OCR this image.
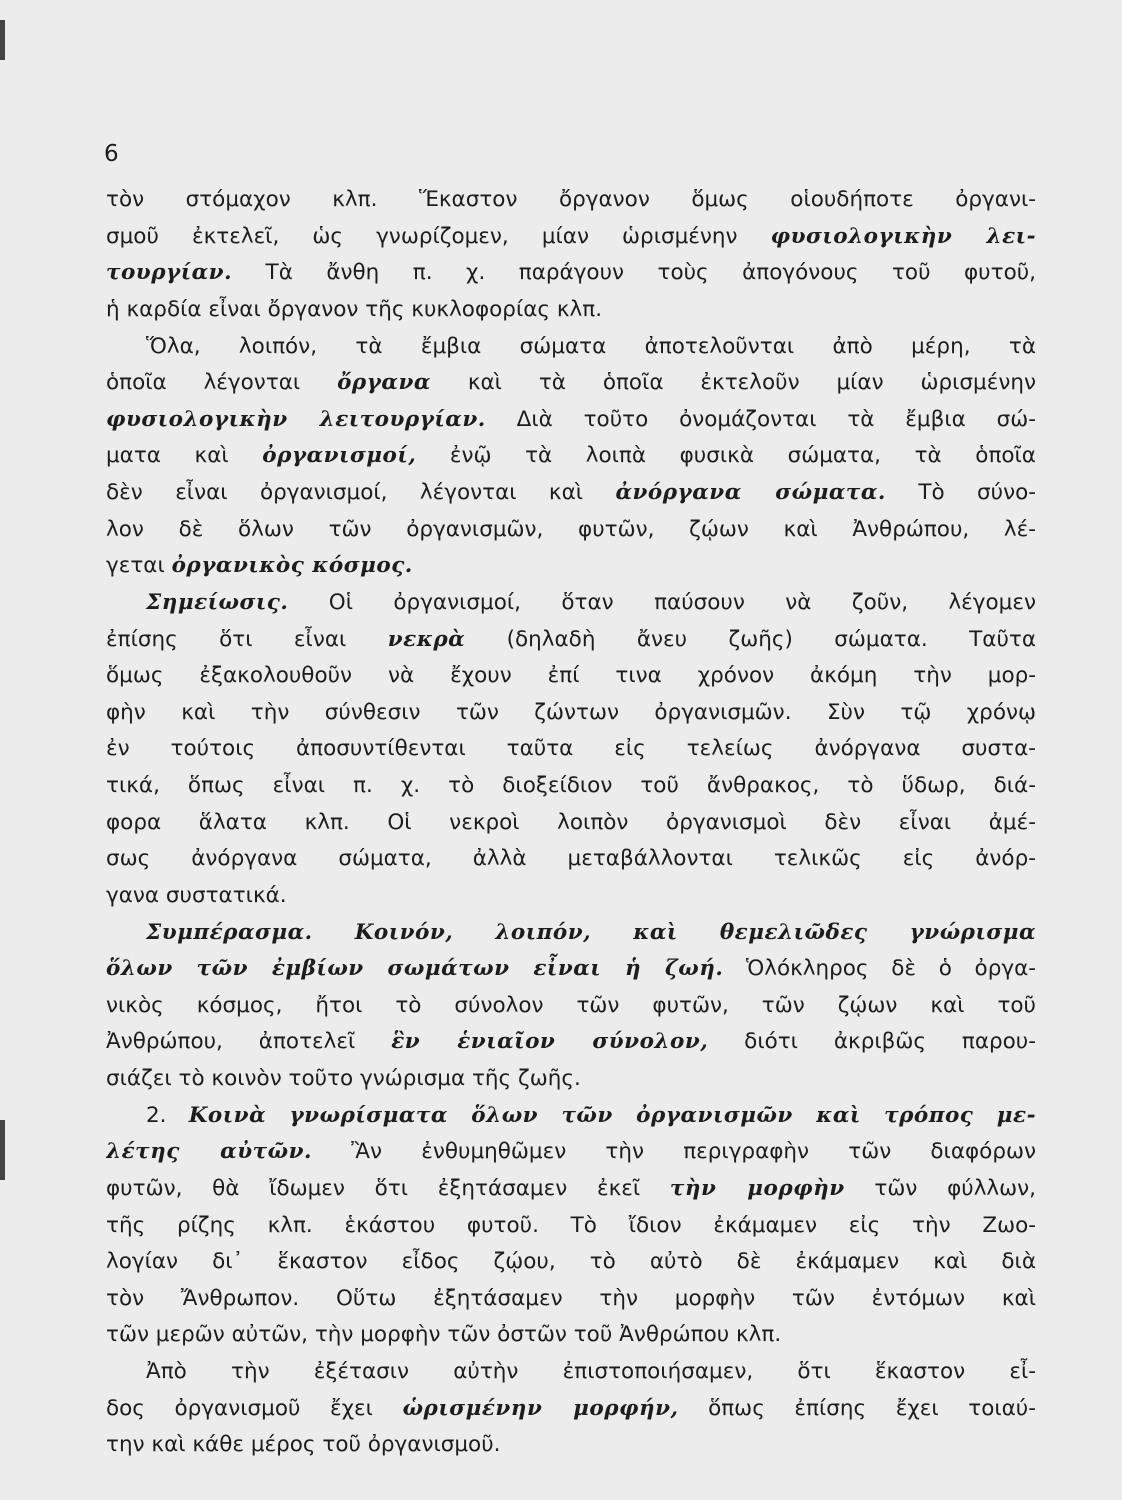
6
τὸν στόμαχον κλπ. Ἕκαστον ὄργανον ὅμως οἱουδήποτε ὀργανι-
σμοῦ ἐκτελεῖ, ὡς γνωρίζομεν, μίαν ὡρισμένην φυσιολογικὴν λει-
τουργίαν. Τὰ ἄνθη π. χ. παράγουν τοὺς ἀπογόνους τοῦ φυτοῦ,
ἡ καρδία εἶναι ὄργανον τῆς κυκλοφορίας κλπ.
Ὅλα, λοιπόν, τὰ ἔμβια σώματα ἀποτελοῦνται ἀπὸ μέρη, τὰ
ὁποῖα λέγονται ὄργανα καὶ τὰ ὁποῖα ἐκτελοῦν μίαν ὡρισμένην
φυσιολογικὴν λειτουργίαν. Διὰ τοῦτο ὀνομάζονται τὰ ἔμβια σώ-
ματα καὶ ὀργανισμοί, ἐνῷ τὰ λοιπὰ φυσικὰ σώματα, τὰ ὁποῖα
δὲν εἶναι ὀργανισμοί, λέγονται καὶ ἀνόργανα σώματα. Τὸ σύνο-
λον δὲ ὅλων τῶν ὀργανισμῶν, φυτῶν, ζῴων καὶ Ἀνθρώπου, λέ-
γεται ὀργανικὸς κόσμος.
Σημείωσις. Οἱ ὀργανισμοί, ὅταν παύσουν νὰ ζοῦν, λέγομεν
ἐπίσης ὅτι εἶναι νεκρὰ (δηλαδὴ ἄνευ ζωῆς) σώματα. Ταῦτα
ὅμως ἐξακολουθοῦν νὰ ἔχουν ἐπί τινα χρόνον ἀκόμη τὴν μορ-
φὴν καὶ τὴν σύνθεσιν τῶν ζώντων ὀργανισμῶν. Σὺν τῷ χρόνῳ
ἐν τούτοις ἀποσυντίθενται ταῦτα εἰς τελείως ἀνόργανα συστα-
τικά, ὅπως εἶναι π. χ. τὸ διοξείδιον τοῦ ἄνθρακος, τὸ ὕδωρ, διά-
φορα ἅλατα κλπ. Οἱ νεκροὶ λοιπὸν ὀργανισμοὶ δὲν εἶναι ἀμέ-
σως ἀνόργανα σώματα, ἀλλὰ μεταβάλλονται τελικῶς εἰς ἀνόρ-
γανα συστατικά.
Συμπέρασμα. Κοινόν, λοιπόν, καὶ θεμελιῶδες γνώρισμα
ὅλων τῶν ἐμβίων σωμάτων εἶναι ἡ ζωή. Ὁλόκληρος δὲ ὁ ὀργα-
νικὸς κόσμος, ἤτοι τὸ σύνολον τῶν φυτῶν, τῶν ζῴων καὶ τοῦ
Ἀνθρώπου, ἀποτελεῖ ἓν ἑνιαῖον σύνολον, διότι ἀκριβῶς παρου-
σιάζει τὸ κοινὸν τοῦτο γνώρισμα τῆς ζωῆς.
2. Κοινὰ γνωρίσματα ὅλων τῶν ὀργανισμῶν καὶ τρόπος με-
λέτης αὐτῶν. Ἂν ἐνθυμηθῶμεν τὴν περιγραφὴν τῶν διαφόρων
φυτῶν, θὰ ἴδωμεν ὅτι ἐξητάσαμεν ἐκεῖ τὴν μορφὴν τῶν φύλλων,
τῆς ρίζης κλπ. ἑκάστου φυτοῦ. Τὸ ἴδιον ἐκάμαμεν εἰς τὴν Ζωο-
λογίαν δι᾿ ἕκαστον εἶδος ζῴου, τὸ αὐτὸ δὲ ἐκάμαμεν καὶ διὰ
τὸν Ἄνθρωπον. Οὕτω ἐξητάσαμεν τὴν μορφὴν τῶν ἐντόμων καὶ
τῶν μερῶν αὐτῶν, τὴν μορφὴν τῶν ὀστῶν τοῦ Ἀνθρώπου κλπ.
Ἀπὸ τὴν ἐξέτασιν αὐτὴν ἐπιστοποιήσαμεν, ὅτι ἕκαστον εἶ-
δος ὀργανισμοῦ ἔχει ὡρισμένην μορφήν, ὅπως ἐπίσης ἔχει τοιαύ-
την καὶ κάθε μέρος τοῦ ὀργανισμοῦ.
